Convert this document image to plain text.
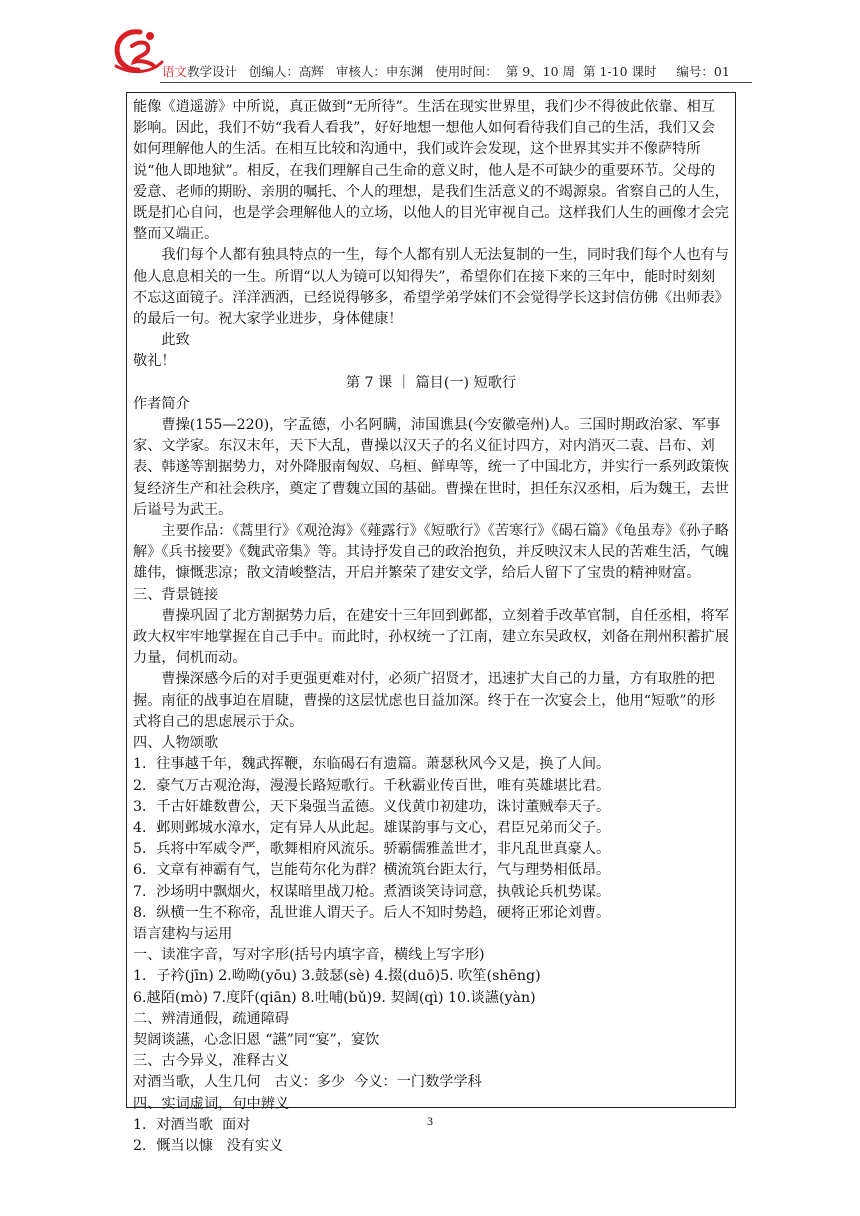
语文教学设计   创编人：高辉   审核人：申东渊   使用时间：  第 9、10 周  第 1-10 课时     编号：01

能像《逍遥游》中所说，真正做到“无所待”。生活在现实世界里，我们少不得彼此依靠、相互影响。因此，我们不妨“我看人看我”，好好地想一想他人如何看待我们自己的生活，我们又会如何理解他人的生活。在相互比较和沟通中，我们或许会发现，这个世界其实并不像萨特所说“他人即地狱”。相反，在我们理解自己生命的意义时，他人是不可缺少的重要环节。父母的爱意、老师的期盼、亲朋的嘱托、个人的理想，是我们生活意义的不竭源泉。省察自己的人生，既是扪心自问，也是学会理解他人的立场，以他人的目光审视自己。这样我们人生的画像才会完整而又端正。

我们每个人都有独具特点的一生，每个人都有别人无法复制的一生，同时我们每个人也有与他人息息相关的一生。所谓“以人为镜可以知得失”，希望你们在接下来的三年中，能时时刻刻不忘这面镜子。洋洋洒洒，已经说得够多，希望学弟学妹们不会觉得学长这封信仿佛《出师表》的最后一句。祝大家学业进步，身体健康！

此致

敬礼！

第 7 课 ｜ 篇目(一) 短歌行

作者简介

曹操(155—220)，字孟德，小名阿瞒，沛国谯县(今安徽亳州)人。三国时期政治家、军事家、文学家。东汉末年，天下大乱，曹操以汉天子的名义征讨四方，对内消灭二袁、吕布、刘表、韩遂等割据势力，对外降服南匈奴、乌桓、鲜卑等，统一了中国北方，并实行一系列政策恢复经济生产和社会秩序，奠定了曹魏立国的基础。曹操在世时，担任东汉丞相，后为魏王，去世后谥号为武王。

主要作品：《蒿里行》《观沧海》《薤露行》《短歌行》《苦寒行》《碣石篇》《龟虽寿》《孙子略解》《兵书接要》《魏武帝集》等。其诗抒发自己的政治抱负，并反映汉末人民的苦难生活，气魄雄伟，慷慨悲凉；散文清峻整洁，开启并繁荣了建安文学，给后人留下了宝贵的精神财富。

三、背景链接

曹操巩固了北方割据势力后，在建安十三年回到邺都，立刻着手改革官制，自任丞相，将军政大权牢牢地掌握在自己手中。而此时，孙权统一了江南，建立东吴政权，刘备在荆州积蓄扩展力量，伺机而动。

曹操深感今后的对手更强更难对付，必须广招贤才，迅速扩大自己的力量，方有取胜的把握。南征的战事迫在眉睫，曹操的这层忧虑也日益加深。终于在一次宴会上，他用“短歌”的形式将自己的思虑展示于众。

四、人物颂歌

1．往事越千年，魏武挥鞭，东临碣石有遗篇。萧瑟秋风今又是，换了人间。

2．豪气万古观沧海，漫漫长路短歌行。千秋霸业传百世，唯有英雄堪比君。

3．千古奸雄数曹公，天下枭强当孟德。义伐黄巾初建功，诛讨董贼奉天子。

4．邺则邺城水漳水，定有异人从此起。雄谋韵事与文心，君臣兄弟而父子。

5．兵将中军威令严，歌舞相府风流乐。骄霸儒雅盖世才，非凡乱世真豪人。

6．文章有神霸有气，岂能苟尔化为群？横流筑台距太行，气与理势相低昂。

7．沙场明中飘烟火，权谋暗里战刀枪。煮酒谈笑诗词意，执戟论兵机势谋。

8．纵横一生不称帝，乱世谁人谓天子。后人不知时势趋，硬将正邪论刘曹。

语言建构与运用

一、读准字音，写对字形(括号内填字音，横线上写字形)

1．子衿(jīn) 2.呦呦(yōu) 3.鼓瑟(sè) 4.掇(duō)5. 吹笙(shēng)

6.越陌(mò) 7.度阡(qiān) 8.吐哺(bǔ)9. 契阔(qì) 10.谈讌(yàn)

二、辨清通假，疏通障碍

契阔谈讌，心念旧恩 “讌”同“宴”，宴饮

三、古今异义，准释古义

对酒当歌，人生几何   古义：多少  今义：一门数学学科

四、实词虚词，句中辨义

1．对酒当歌  面对

2．慨当以慷   没有实义

3
